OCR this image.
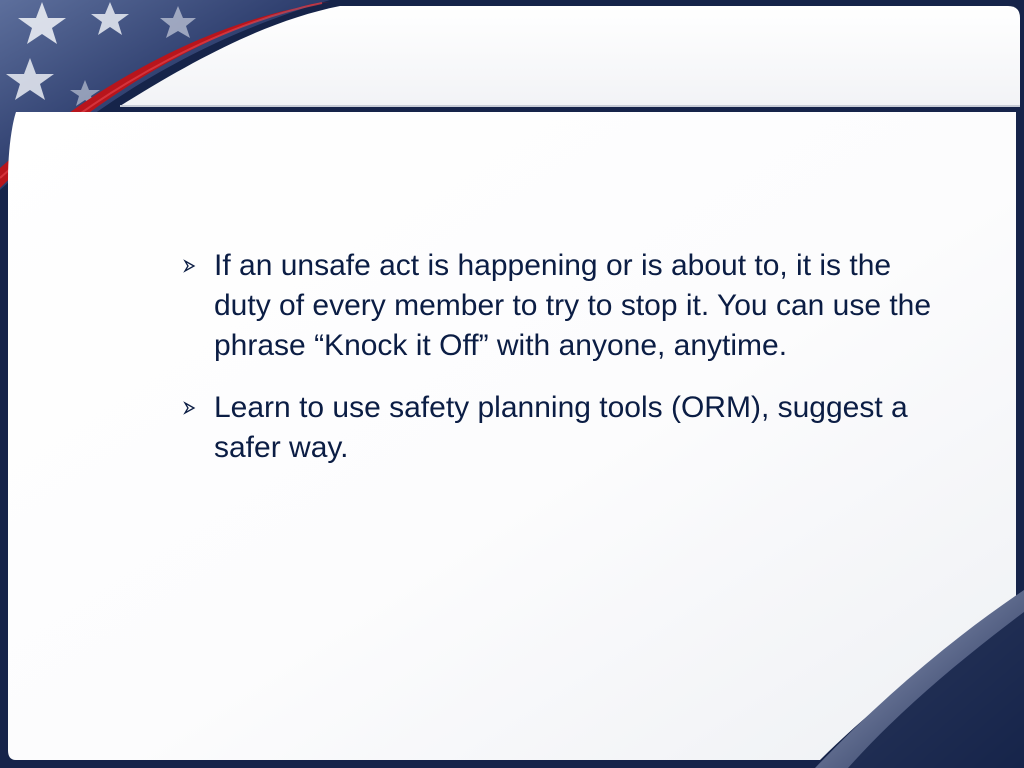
If an unsafe act is happening or is about to, it is the duty of every member to try to stop it. You can use the phrase “Knock it Off” with anyone, anytime.
Learn to use safety planning tools (ORM), suggest a safer way.
